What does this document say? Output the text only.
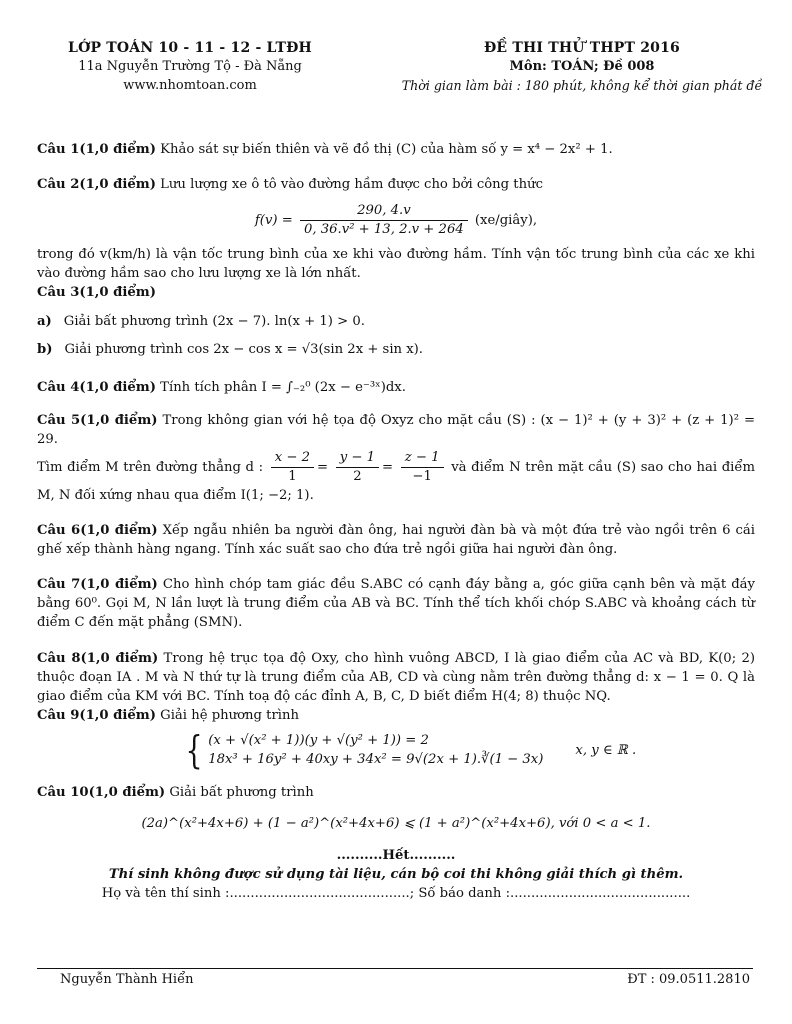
LỚP TOÁN 10 - 11 - 12 - LTĐH
11a Nguyễn Trường Tộ - Đà Nẵng
www.nhomtoan.com
ĐỀ THI THỬ THPT 2016
Môn: TOÁN; Đề 008
Thời gian làm bài : 180 phút, không kể thời gian phát đề

Câu 1(1,0 điểm) Khảo sát sự biến thiên và vẽ đồ thị (C) của hàm số y = x⁴ − 2x² + 1.

Câu 2(1,0 điểm) Lưu lượng xe ô tô vào đường hầm được cho bởi công thức

$f(v) = \frac{290, 4.v}{\text{0, 36.v² + 13, 2.v + 264}}$ (xe/giây),

trong đó v(km/h) là vận tốc trung bình của xe khi vào đường hầm. Tính vận tốc trung bình của các xe khi vào đường hầm sao cho lưu lượng xe là lớn nhất.

Câu 3(1,0 điểm)

a) Giải bất phương trình (2x − 7). ln(x + 1) > 0.

b) Giải phương trình cos 2x − cos x = √3(sin 2x + sin x).

Câu 4(1,0 điểm) Tính tích phân I = ∫₋₂⁰ (2x − e⁻³ˣ)dx.

Câu 5(1,0 điểm) Trong không gian với hệ tọa độ Oxyz cho mặt cầu (S) : (x − 1)² + (y + 3)² + (z + 1)² = 29.

Tìm điểm M trên đường thẳng d : $\frac{x - 2}{1} = \frac{y - 1}{2} = \frac{z - 1}{-1}$ và điểm N trên mặt cầu (S) sao cho hai điểm M, N đối xứng nhau qua điểm I(1; −2; 1).

Câu 6(1,0 điểm) Xếp ngẫu nhiên ba người đàn ông, hai người đàn bà và một đứa trẻ vào ngồi trên 6 cái ghế xếp thành hàng ngang. Tính xác suất sao cho đứa trẻ ngồi giữa hai người đàn ông.

Câu 7(1,0 điểm) Cho hình chóp tam giác đều S.ABC có cạnh đáy bằng a, góc giữa cạnh bên và mặt đáy bằng 60⁰. Gọi M, N lần lượt là trung điểm của AB và BC. Tính thể tích khối chóp S.ABC và khoảng cách từ điểm C đến mặt phẳng (SMN).

Câu 8(1,0 điểm) Trong hệ trục tọa độ Oxy, cho hình vuông ABCD, I là giao điểm của AC và BD, K(0; 2) thuộc đoạn IA . M và N thứ tự là trung điểm của AB, CD và cùng nằm trên đường thẳng d: x − 1 = 0. Q là giao điểm của KM với BC. Tính toạ độ các đỉnh A, B, C, D biết điểm H(4; 8) thuộc NQ.

Câu 9(1,0 điểm) Giải hệ phương trình

{ (x + √(x² + 1))(y + √(y² + 1)) = 2
18x³ + 16y² + 40xy + 34x² = 9√(2x + 1).∛(1 − 3x)
x, y ∈ ℝ .

Câu 10(1,0 điểm) Giải bất phương trình

(2a)^(x²+4x+6) + (1 − a²)^(x²+4x+6) ⩽ (1 + a²)^(x²+4x+6), với 0 < a < 1.
..........Hết..........
Thí sinh không được sử dụng tài liệu, cán bộ coi thi không giải thích gì thêm.
Họ và tên thí sinh :...........................................; Số báo danh :...........................................
Nguyễn Thành Hiển	ĐT : 09.0511.2810
